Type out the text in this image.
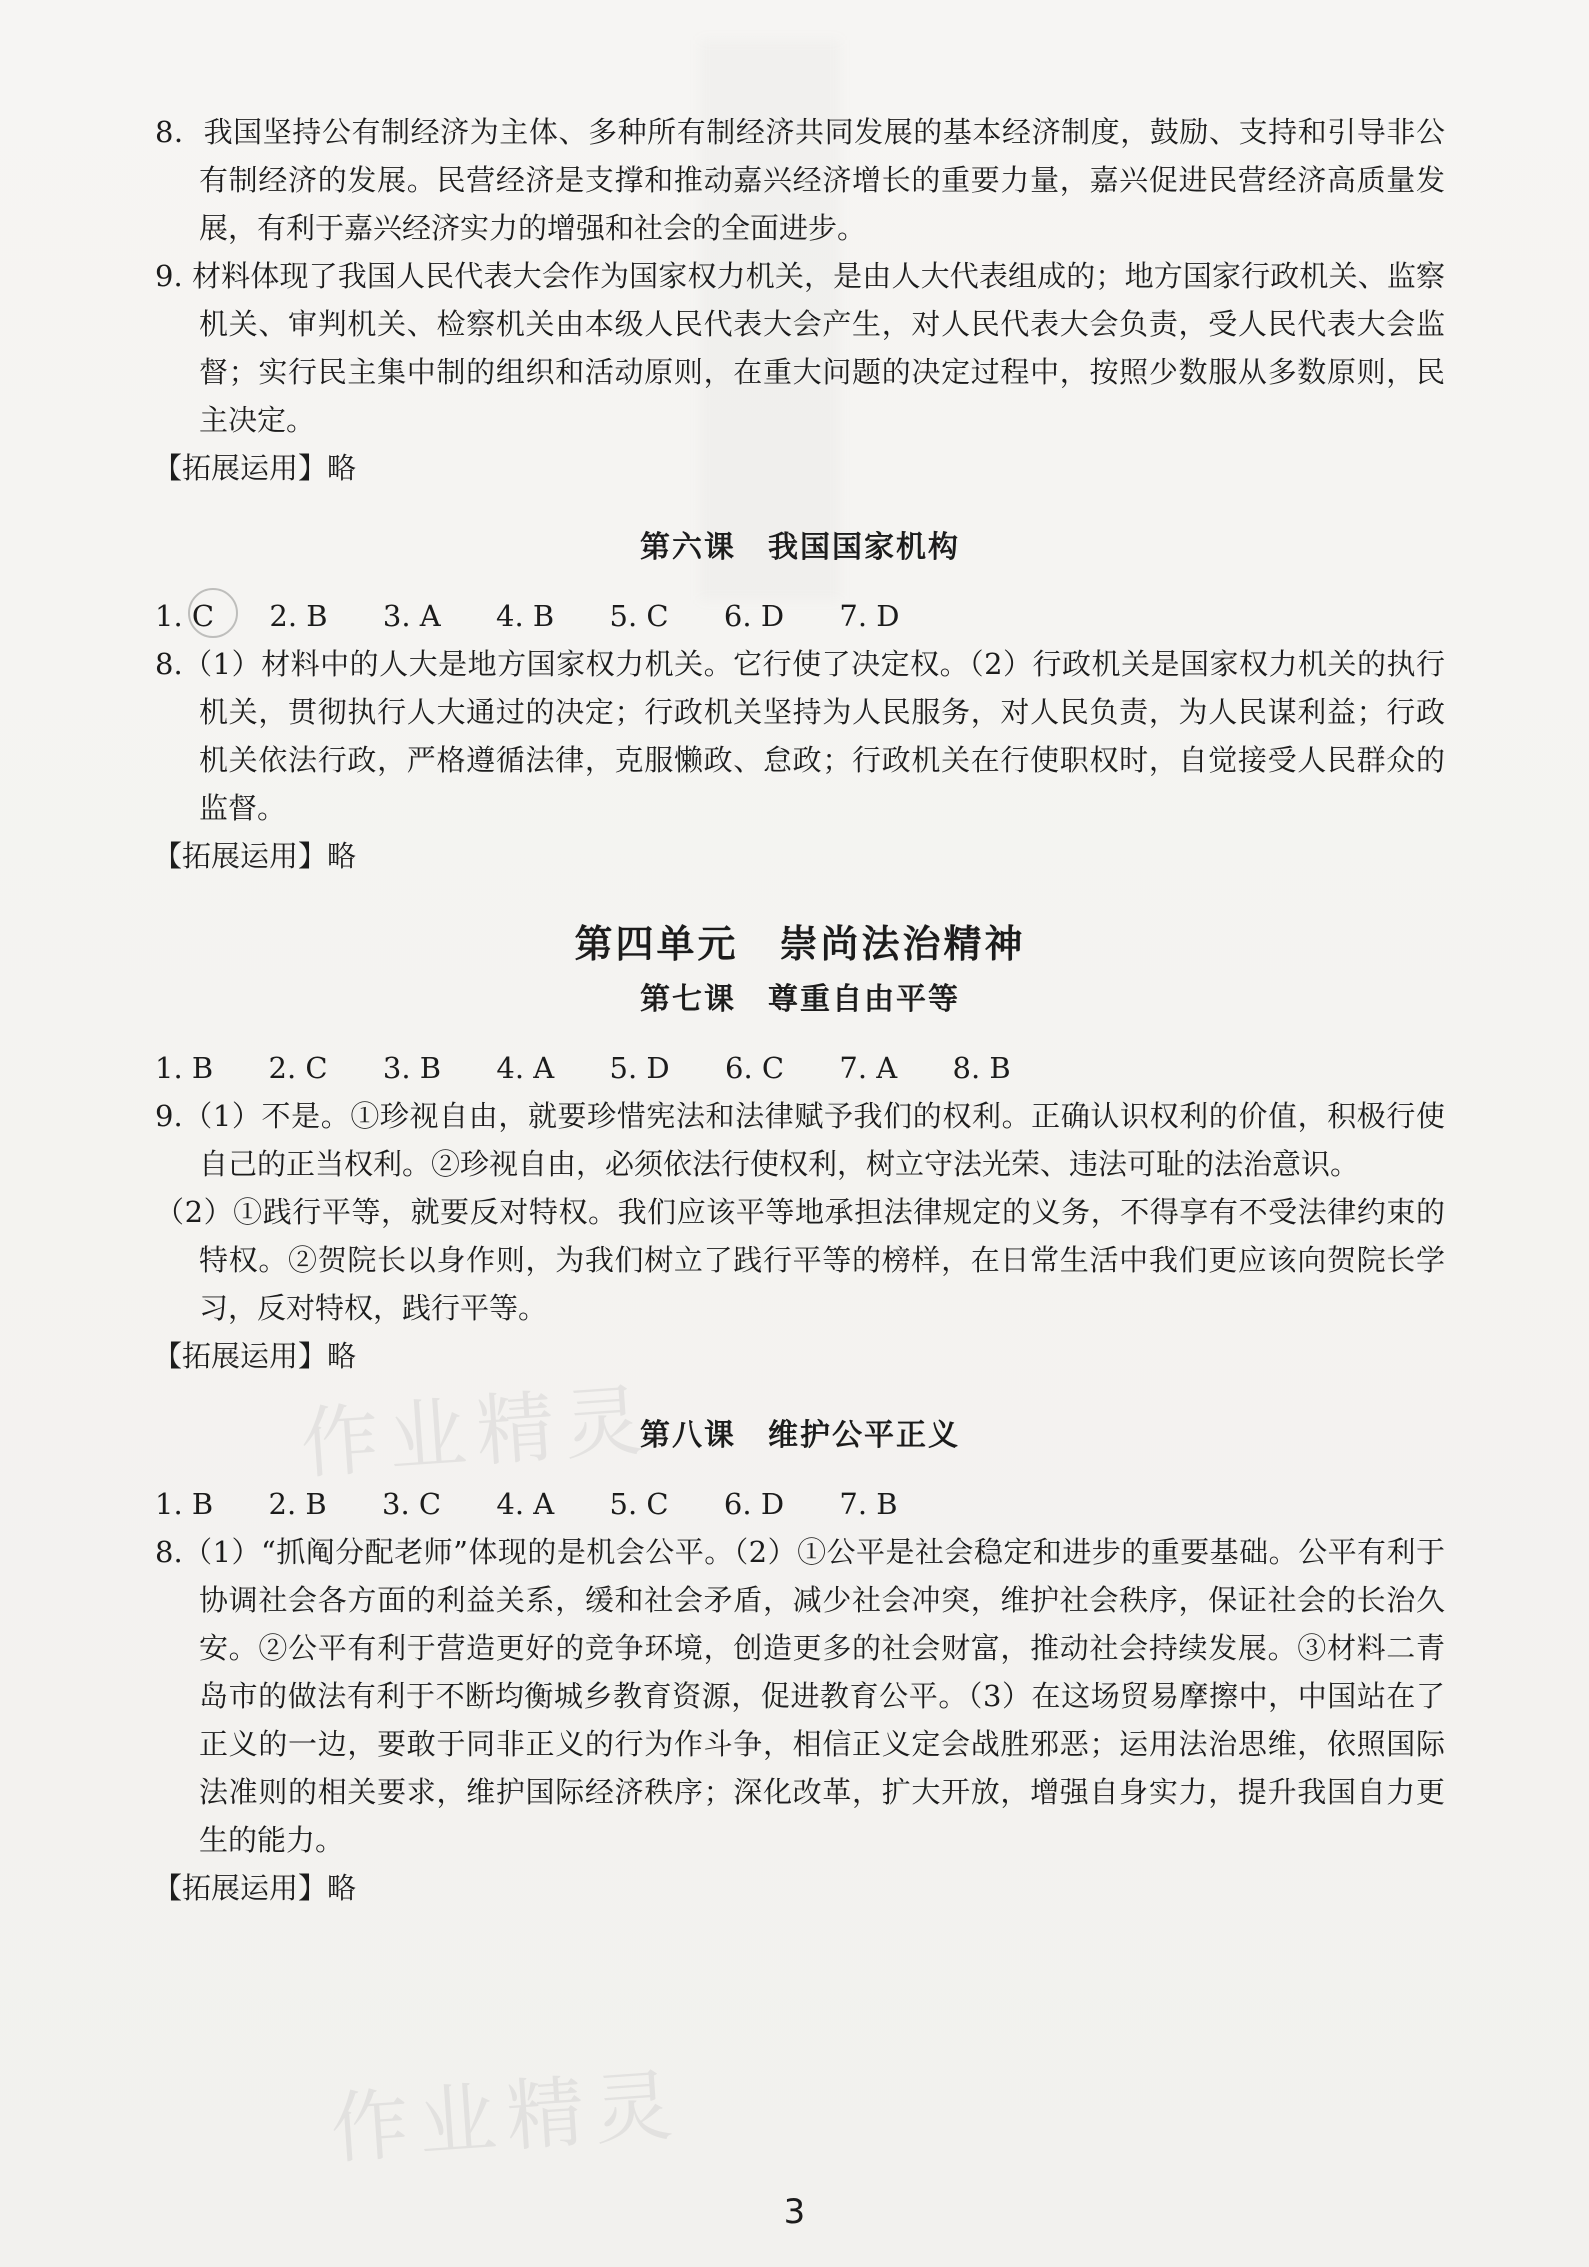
作业精灵
作业精灵

8．我国坚持公有制经济为主体、多种所有制经济共同发展的基本经济制度，鼓励、支持和引导非公有制经济的发展。民营经济是支撑和推动嘉兴经济增长的重要力量，嘉兴促进民营经济高质量发展，有利于嘉兴经济实力的增强和社会的全面进步。

9. 材料体现了我国人民代表大会作为国家权力机关，是由人大代表组成的；地方国家行政机关、监察机关、审判机关、检察机关由本级人民代表大会产生，对人民代表大会负责，受人民代表大会监督；实行民主集中制的组织和活动原则，在重大问题的决定过程中，按照少数服从多数原则，民主决定。

【拓展运用】略

第六课　我国国家机构

1. C      2. B      3. A      4. B      5. C      6. D      7. D

8.（1）材料中的人大是地方国家权力机关。它行使了决定权。（2）行政机关是国家权力机关的执行机关，贯彻执行人大通过的决定；行政机关坚持为人民服务，对人民负责，为人民谋利益；行政机关依法行政，严格遵循法律，克服懒政、怠政；行政机关在行使职权时，自觉接受人民群众的监督。

【拓展运用】略

第四单元　崇尚法治精神
第七课　尊重自由平等

1. B      2. C      3. B      4. A      5. D      6. C      7. A      8. B

9.（1）不是。①珍视自由，就要珍惜宪法和法律赋予我们的权利。正确认识权利的价值，积极行使自己的正当权利。②珍视自由，必须依法行使权利，树立守法光荣、违法可耻的法治意识。

（2）①践行平等，就要反对特权。我们应该平等地承担法律规定的义务，不得享有不受法律约束的特权。②贺院长以身作则，为我们树立了践行平等的榜样，在日常生活中我们更应该向贺院长学习，反对特权，践行平等。

【拓展运用】略

第八课　维护公平正义

1. B      2. B      3. C      4. A      5. C      6. D      7. B

8.（1）“抓阄分配老师”体现的是机会公平。（2）①公平是社会稳定和进步的重要基础。公平有利于协调社会各方面的利益关系，缓和社会矛盾，减少社会冲突，维护社会秩序，保证社会的长治久安。②公平有利于营造更好的竞争环境，创造更多的社会财富，推动社会持续发展。③材料二青岛市的做法有利于不断均衡城乡教育资源，促进教育公平。（3）在这场贸易摩擦中，中国站在了正义的一边，要敢于同非正义的行为作斗争，相信正义定会战胜邪恶；运用法治思维，依照国际法准则的相关要求，维护国际经济秩序；深化改革，扩大开放，增强自身实力，提升我国自力更生的能力。

【拓展运用】略

3
